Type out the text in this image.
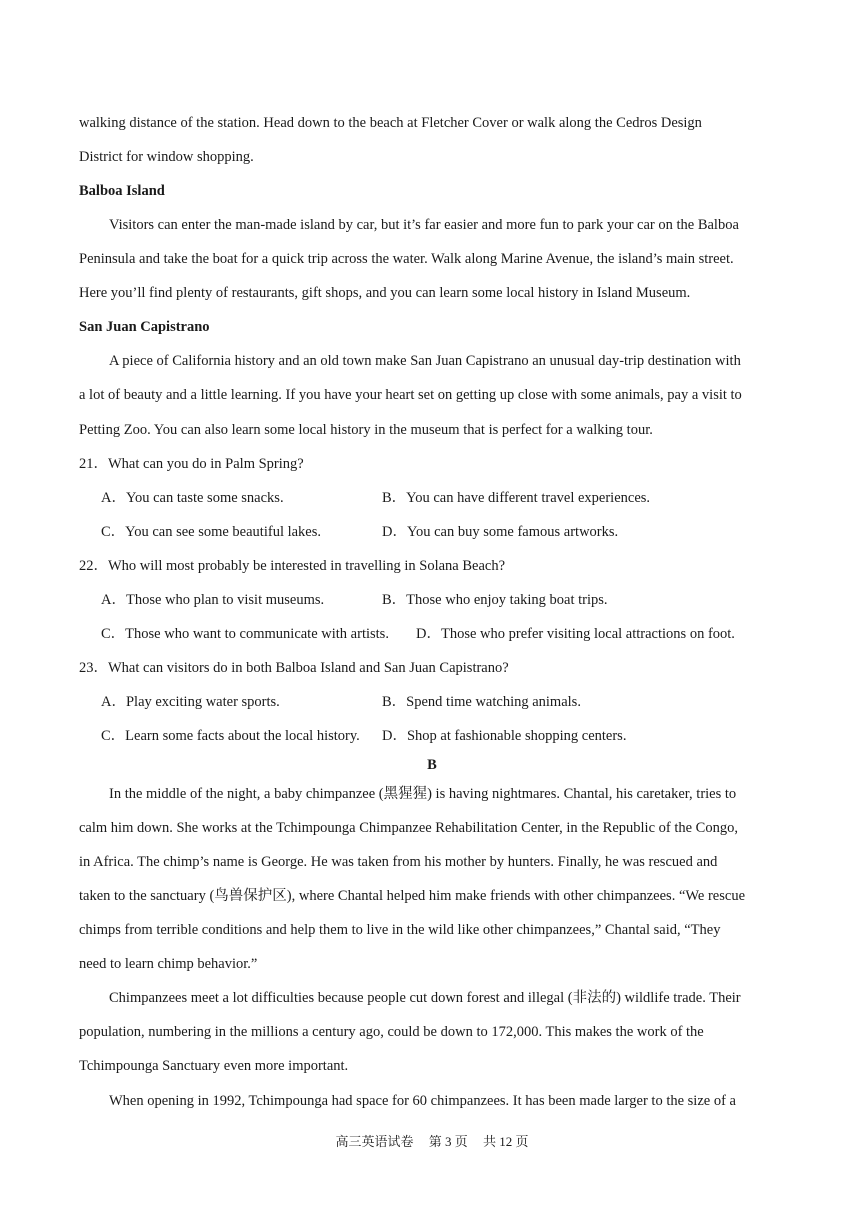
walking distance of the station. Head down to the beach at Fletcher Cover or walk along the Cedros Design
District for window shopping.
Balboa Island
Visitors can enter the man-made island by car, but it’s far easier and more fun to park your car on the Balboa
Peninsula and take the boat for a quick trip across the water. Walk along Marine Avenue, the island’s main street.
Here you’ll find plenty of restaurants, gift shops, and you can learn some local history in Island Museum.
San Juan Capistrano
A piece of California history and an old town make San Juan Capistrano an unusual day-trip destination with
a lot of beauty and a little learning. If you have your heart set on getting up close with some animals, pay a visit to
Petting Zoo. You can also learn some local history in the museum that is perfect for a walking tour.
21．What can you do in Palm Spring?
A．You can taste some snacks.	B．You can have different travel experiences.
C．You can see some beautiful lakes.	D．You can buy some famous artworks.
22．Who will most probably be interested in travelling in Solana Beach?
A．Those who plan to visit museums.	B．Those who enjoy taking boat trips.
C．Those who want to communicate with artists. D．Those who prefer visiting local attractions on foot.
23．What can visitors do in both Balboa Island and San Juan Capistrano?
A．Play exciting water sports.	B．Spend time watching animals.
C．Learn some facts about the local history. D．Shop at fashionable shopping centers.
B
In the middle of the night, a baby chimpanzee (黑猩猩) is having nightmares. Chantal, his caretaker, tries to
calm him down. She works at the Tchimpounga Chimpanzee Rehabilitation Center, in the Republic of the Congo,
in Africa. The chimp’s name is George. He was taken from his mother by hunters. Finally, he was rescued and
taken to the sanctuary (鸟兽保护区), where Chantal helped him make friends with other chimpanzees. “We rescue
chimps from terrible conditions and help them to live in the wild like other chimpanzees,” Chantal said, “They
need to learn chimp behavior.”
Chimpanzees meet a lot difficulties because people cut down forest and illegal (非法的) wildlife trade. Their
population, numbering in the millions a century ago, could be down to 172,000. This makes the work of the
Tchimpounga Sanctuary even more important.
When opening in 1992, Tchimpounga had space for 60 chimpanzees. It has been made larger to the size of a
高三英语试卷 第 3 页 共 12 页
